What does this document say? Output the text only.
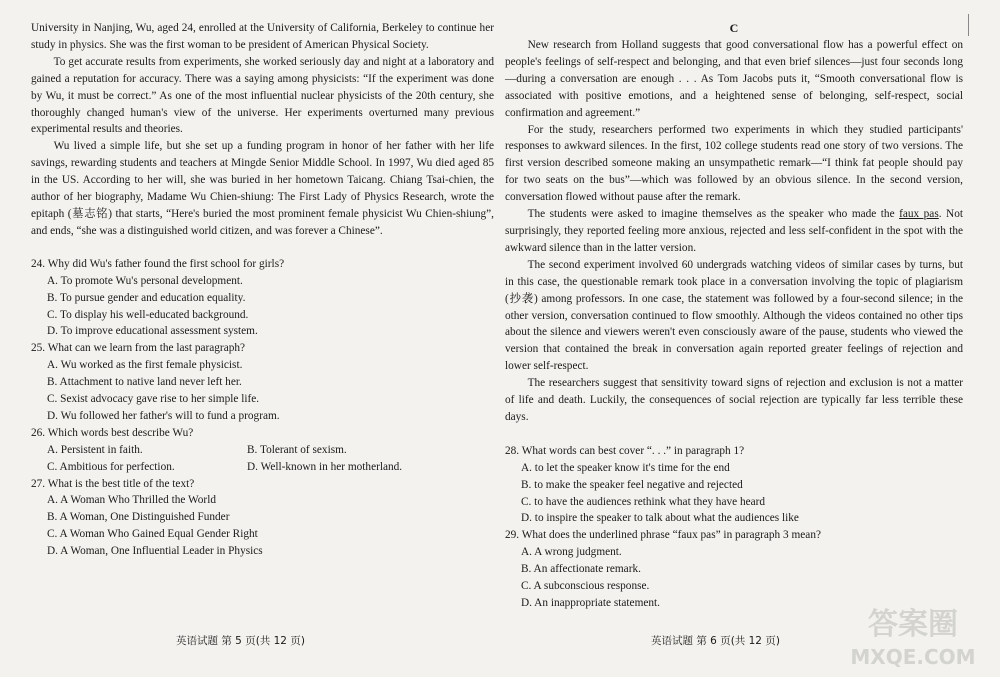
University in Nanjing, Wu, aged 24, enrolled at the University of California, Berkeley to continue her study in physics. She was the first woman to be president of American Physical Society.

To get accurate results from experiments, she worked seriously day and night at a laboratory and gained a reputation for accuracy. There was a saying among physicists: “If the experiment was done by Wu, it must be correct.” As one of the most influential nuclear physicists of the 20th century, she thoroughly changed human's view of the universe. Her experiments overturned many previous experimental results and theories.

Wu lived a simple life, but she set up a funding program in honor of her father with her life savings, rewarding students and teachers at Mingde Senior Middle School. In 1997, Wu died aged 85 in the US. According to her will, she was buried in her hometown Taicang. Chiang Tsai-chien, the author of her biography, Madame Wu Chien-shiung: The First Lady of Physics Research, wrote the epitaph (墓志铭) that starts, “Here's buried the most prominent female physicist Wu Chien-shiung”, and ends, “she was a distinguished world citizen, and was forever a Chinese”.

24. Why did Wu's father found the first school for girls?

A. To promote Wu's personal development.

B. To pursue gender and education equality.

C. To display his well-educated background.

D. To improve educational assessment system.

25. What can we learn from the last paragraph?

A. Wu worked as the first female physicist.

B. Attachment to native land never left her.

C. Sexist advocacy gave rise to her simple life.

D. Wu followed her father's will to fund a program.

26. Which words best describe Wu?

A. Persistent in faith.	B. Tolerant of sexism.
C. Ambitious for perfection.	D. Well-known in her motherland.

27. What is the best title of the text?

A. A Woman Who Thrilled the World

B. A Woman, One Distinguished Funder

C. A Woman Who Gained Equal Gender Right

D. A Woman, One Influential Leader in Physics

C

New research from Holland suggests that good conversational flow has a powerful effect on people's feelings of self-respect and belonging, and that even brief silences—just four seconds long—during a conversation are enough . . . As Tom Jacobs puts it, “Smooth conversational flow is associated with positive emotions, and a heightened sense of belonging, self-respect, social confirmation and agreement.”

For the study, researchers performed two experiments in which they studied participants' responses to awkward silences. In the first, 102 college students read one story of two versions. The first version described someone making an unsympathetic remark—“I think fat people should pay for two seats on the bus”—which was followed by an obvious silence. In the second version, conversation flowed without pause after the remark.

The students were asked to imagine themselves as the speaker who made the faux pas. Not surprisingly, they reported feeling more anxious, rejected and less self-confident in the spot with the awkward silence than in the latter version.

The second experiment involved 60 undergrads watching videos of similar cases by turns, but in this case, the questionable remark took place in a conversation involving the topic of plagiarism (抄袭) among professors. In one case, the statement was followed by a four-second silence; in the other version, conversation continued to flow smoothly. Although the videos contained no other tips about the silence and viewers weren't even consciously aware of the pause, students who viewed the version that contained the break in conversation again reported greater feelings of rejection and lower self-respect.

The researchers suggest that sensitivity toward signs of rejection and exclusion is not a matter of life and death. Luckily, the consequences of social rejection are typically far less terrible these days.

28. What words can best cover “. . .” in paragraph 1?

A. to let the speaker know it's time for the end

B. to make the speaker feel negative and rejected

C. to have the audiences rethink what they have heard

D. to inspire the speaker to talk about what the audiences like

29. What does the underlined phrase “faux pas” in paragraph 3 mean?

A. A wrong judgment.

B. An affectionate remark.

C. A subconscious response.

D. An inappropriate statement.

英语试题 第 5 页(共 12 页)	英语试题 第 6 页(共 12 页)	答案圈
MXQE.COM
